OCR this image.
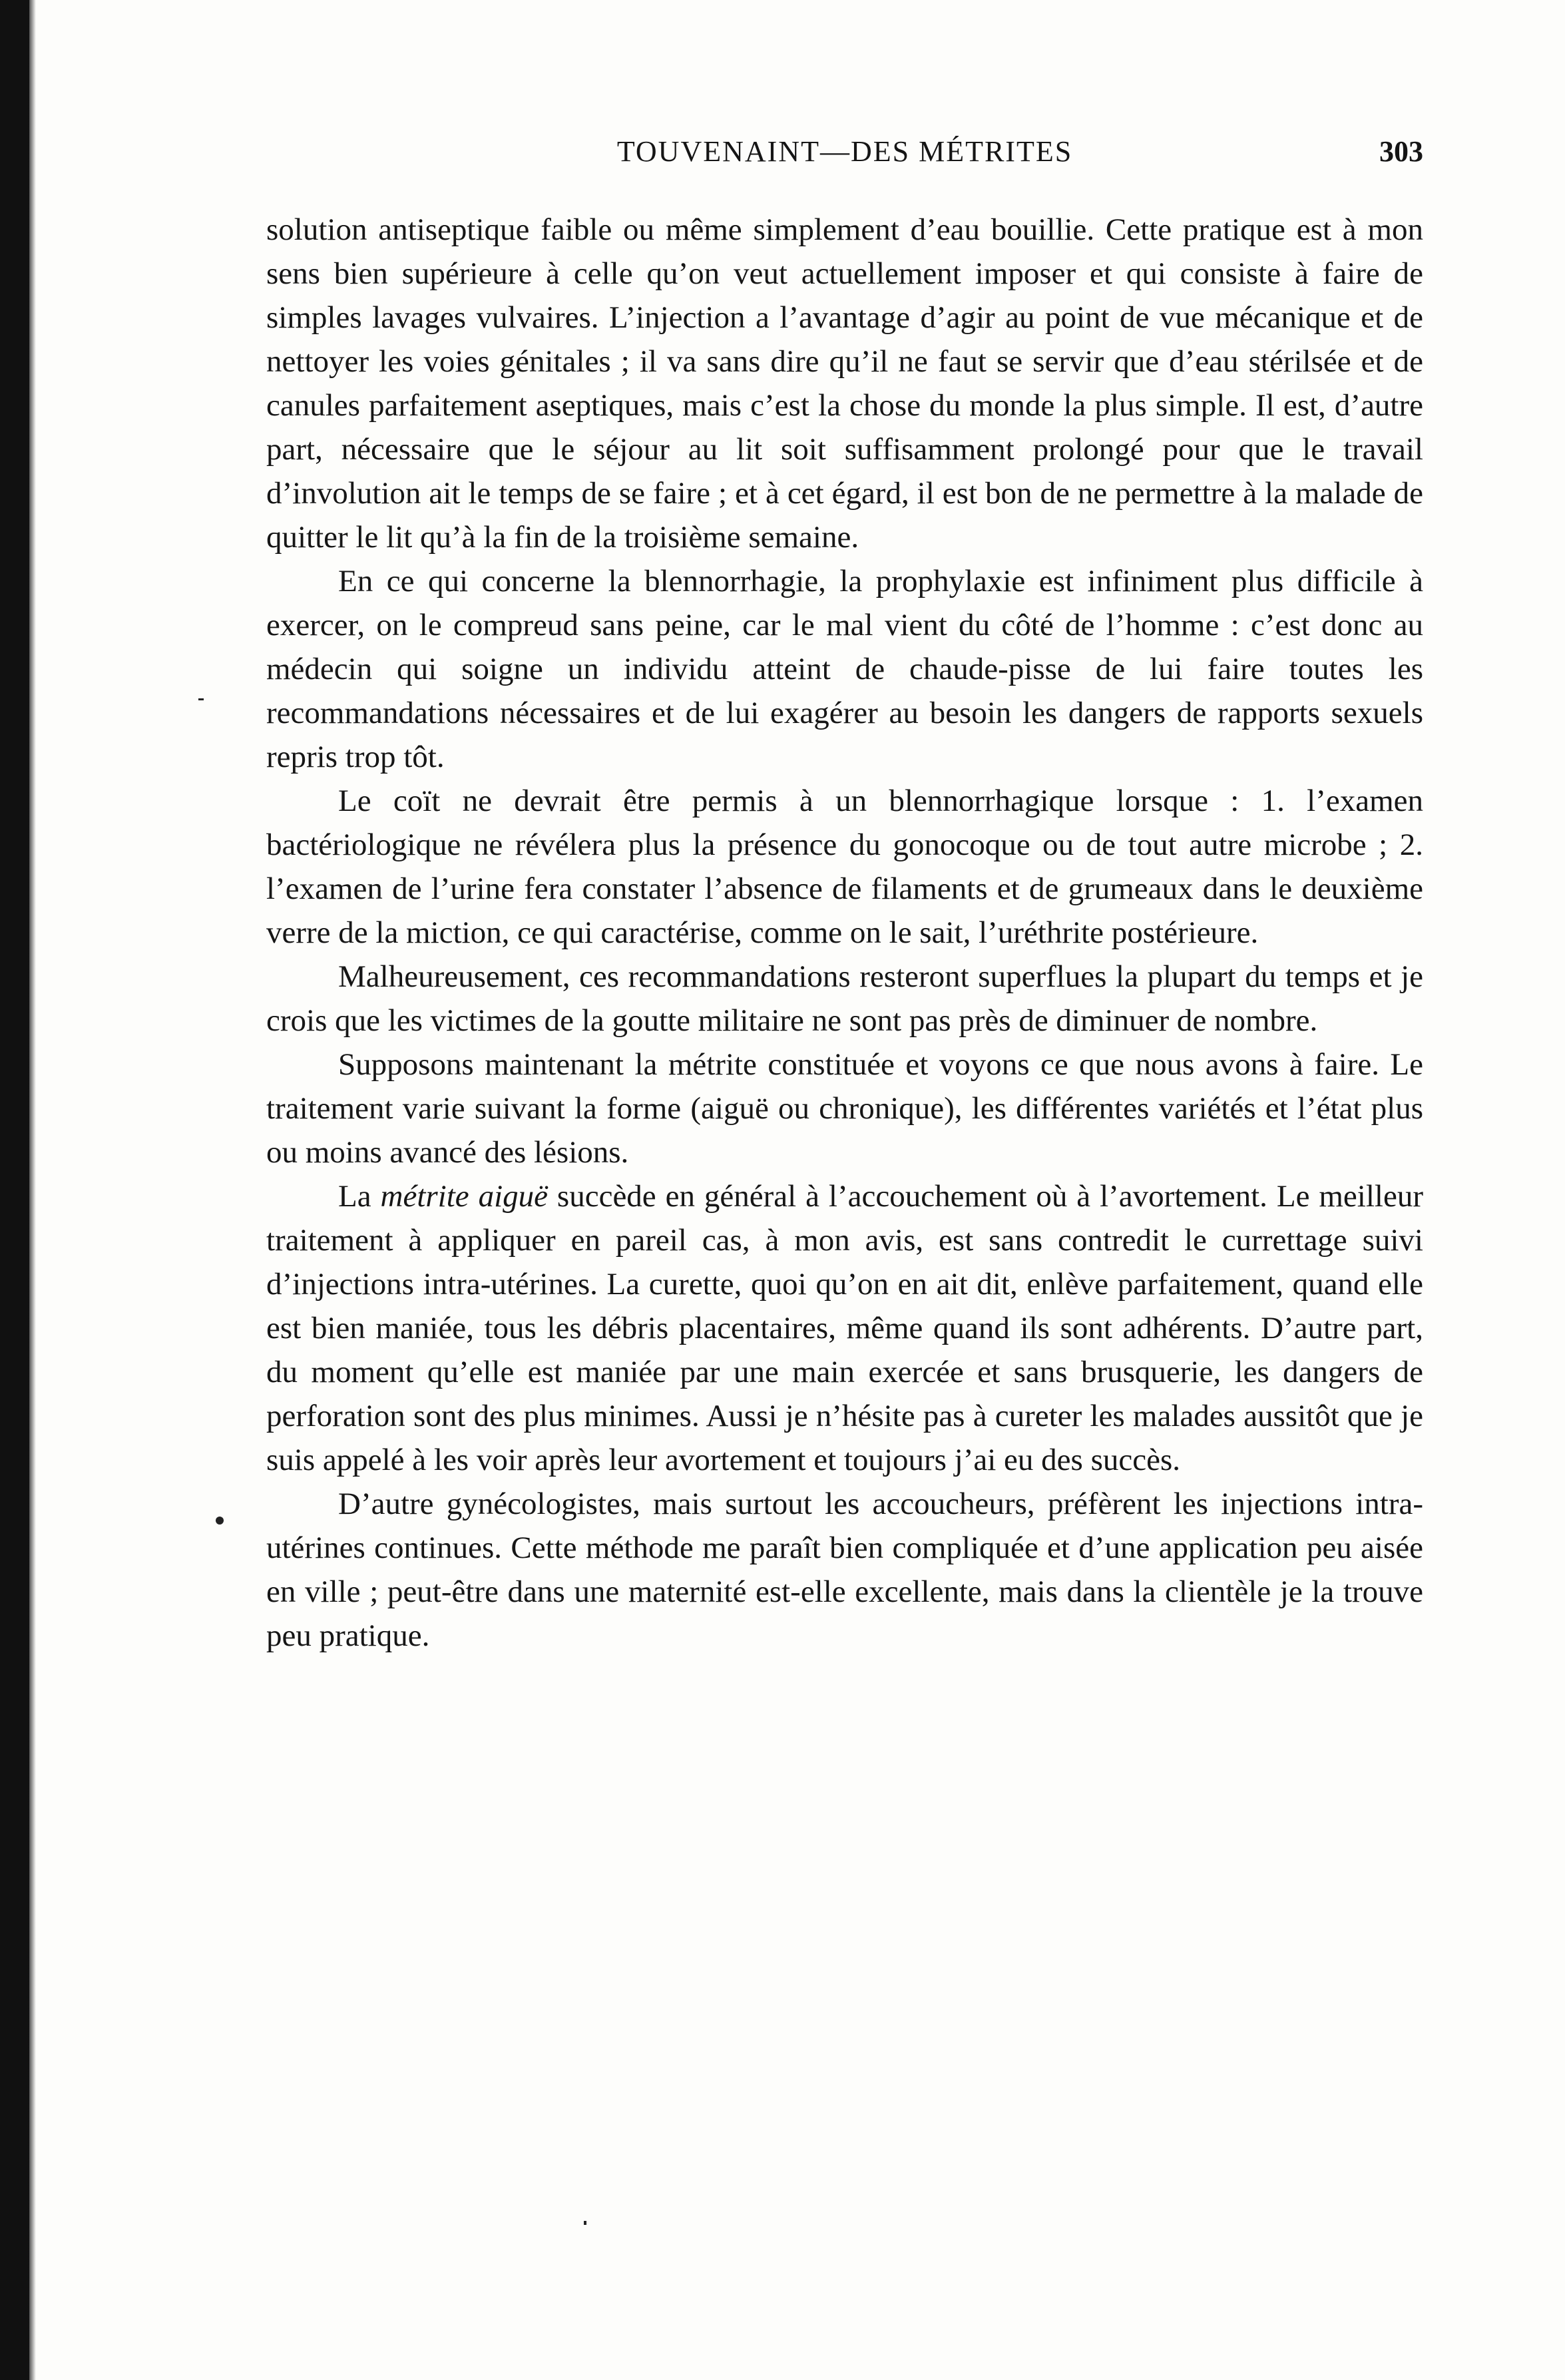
TOUVENAINT—DES MÉTRITES	303

solution antiseptique faible ou même simplement d’eau bouillie. Cette pratique est à mon sens bien supérieure à celle qu’on veut actuellement imposer et qui consiste à faire de simples lavages vulvaires. L’injection a l’avantage d’agir au point de vue mécanique et de nettoyer les voies génitales ; il va sans dire qu’il ne faut se servir que d’eau stérilsée et de canules parfaitement aseptiques, mais c’est la chose du monde la plus simple. Il est, d’autre part, nécessaire que le séjour au lit soit suffisamment prolongé pour que le travail d’involution ait le temps de se faire ; et à cet égard, il est bon de ne permettre à la malade de quitter le lit qu’à la fin de la troisième semaine.

En ce qui concerne la blennorrhagie, la prophylaxie est infiniment plus difficile à exercer, on le compreud sans peine, car le mal vient du côté de l’homme : c’est donc au médecin qui soigne un individu atteint de chaude-pisse de lui faire toutes les recommandations nécessaires et de lui exagérer au besoin les dangers de rapports sexuels repris trop tôt.

Le coït ne devrait être permis à un blennorrhagique lorsque : 1. l’examen bactériologique ne révélera plus la présence du gonocoque ou de tout autre microbe ; 2. l’examen de l’urine fera constater l’absence de filaments et de grumeaux dans le deuxième verre de la miction, ce qui caractérise, comme on le sait, l’uréthrite postérieure.

Malheureusement, ces recommandations resteront superflues la plupart du temps et je crois que les victimes de la goutte militaire ne sont pas près de diminuer de nombre.

Supposons maintenant la métrite constituée et voyons ce que nous avons à faire. Le traitement varie suivant la forme (aiguë ou chronique), les différentes variétés et l’état plus ou moins avancé des lésions.

La métrite aiguë succède en général à l’accouchement où à l’avortement. Le meilleur traitement à appliquer en pareil cas, à mon avis, est sans contredit le currettage suivi d’injections intra-utérines. La curette, quoi qu’on en ait dit, enlève parfaitement, quand elle est bien maniée, tous les débris placentaires, même quand ils sont adhérents. D’autre part, du moment qu’elle est maniée par une main exercée et sans brusquerie, les dangers de perforation sont des plus minimes. Aussi je n’hésite pas à cureter les malades aussitôt que je suis appelé à les voir après leur avortement et toujours j’ai eu des succès.

D’autre gynécologistes, mais surtout les accoucheurs, préfèrent les injections intra-utérines continues. Cette méthode me paraît bien compliquée et d’une application peu aisée en ville ; peut-être dans une maternité est-elle excellente, mais dans la clientèle je la trouve peu pratique.
